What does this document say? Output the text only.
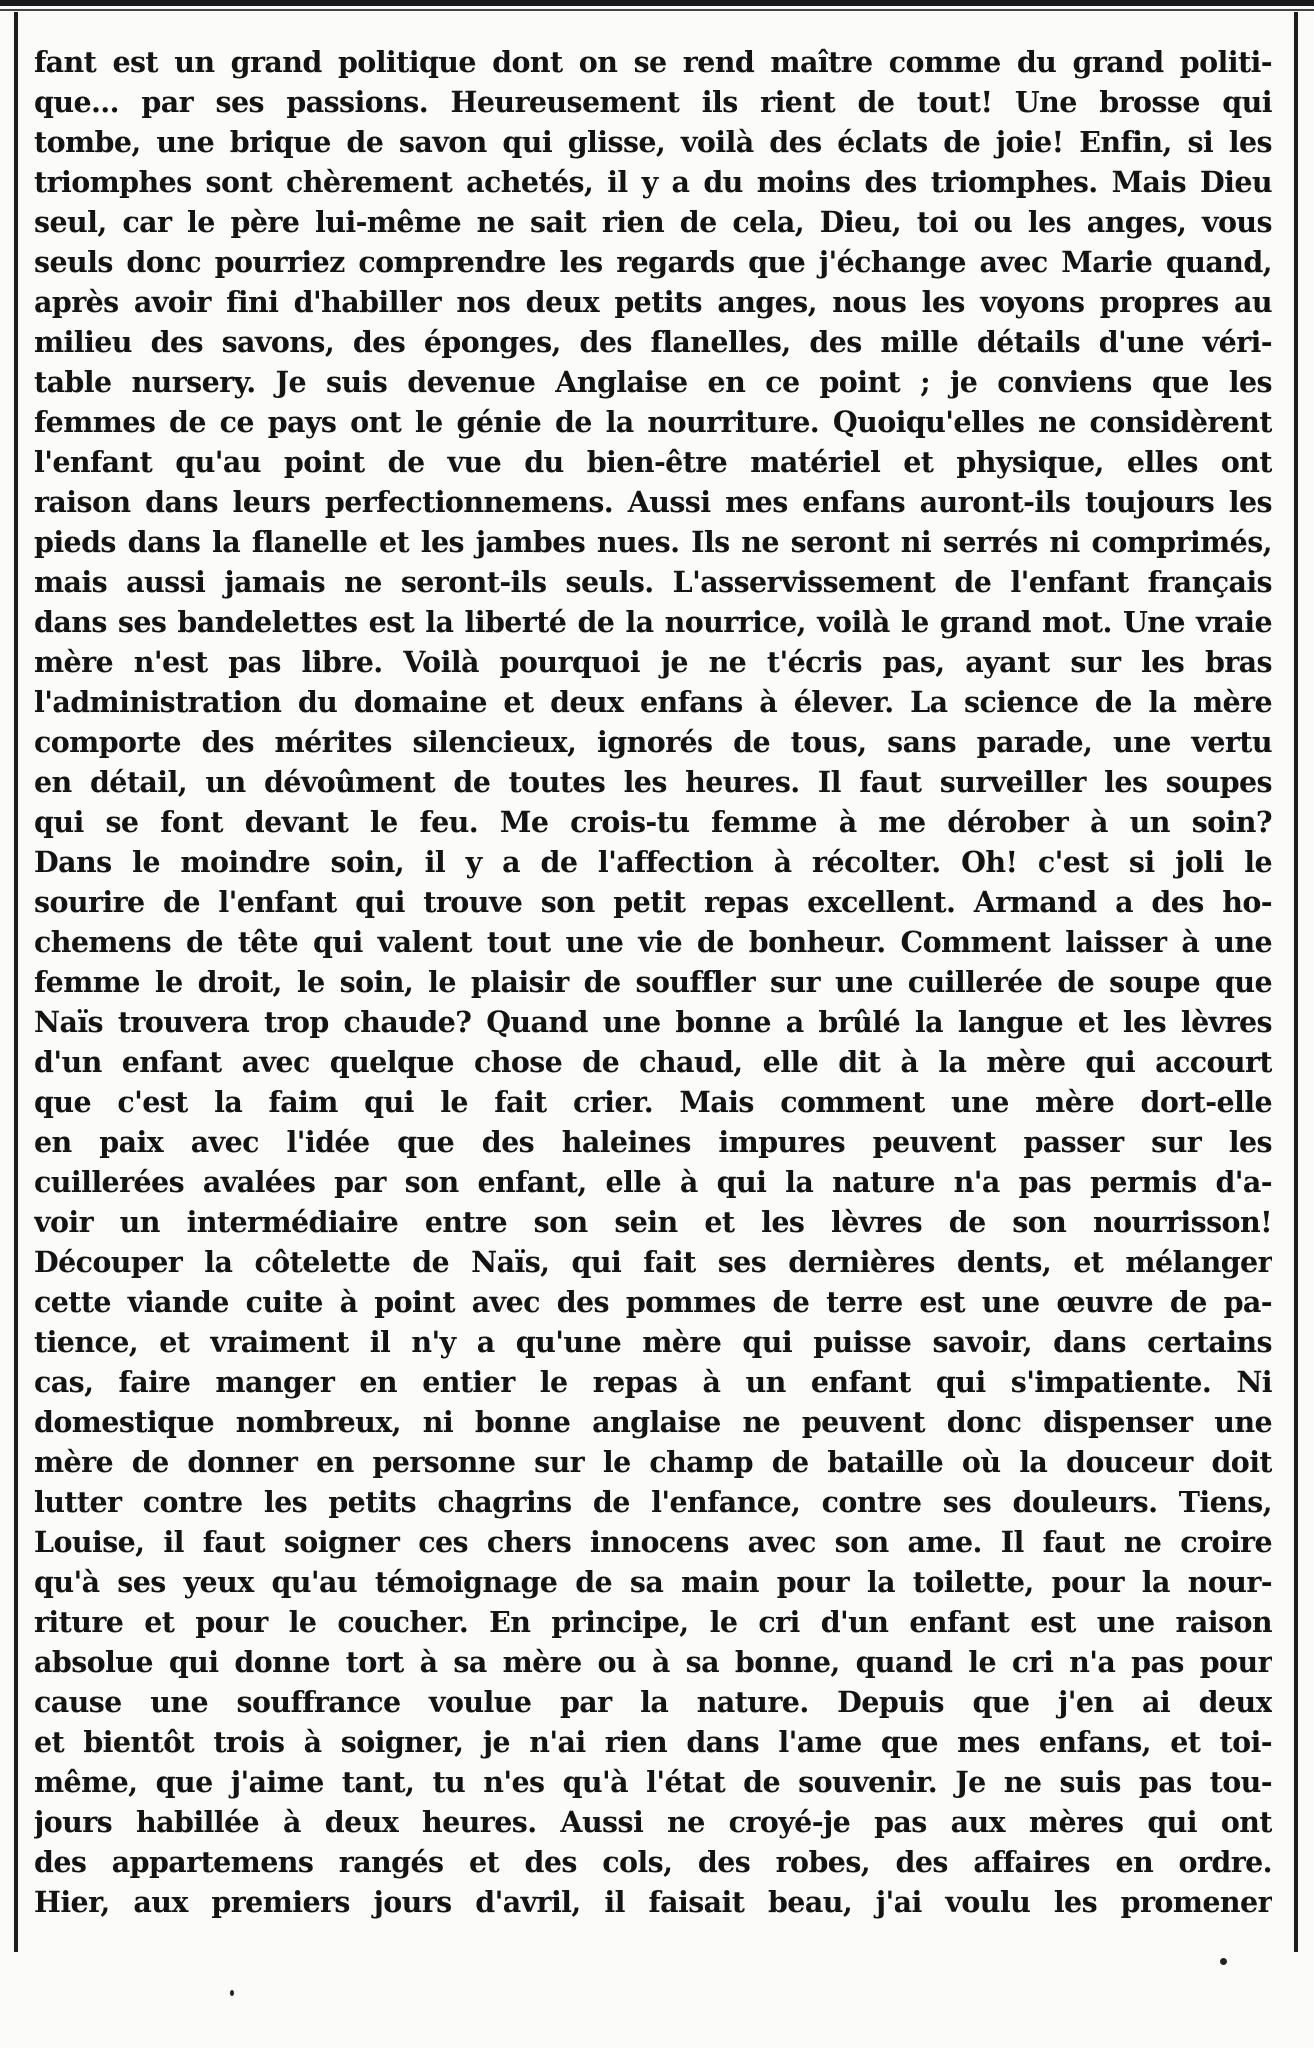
fant est un grand politique dont on se rend maître comme du grand politi-
que... par ses passions. Heureusement ils rient de tout! Une brosse qui
tombe, une brique de savon qui glisse, voilà des éclats de joie! Enfin, si les
triomphes sont chèrement achetés, il y a du moins des triomphes. Mais Dieu
seul, car le père lui-même ne sait rien de cela, Dieu, toi ou les anges, vous
seuls donc pourriez comprendre les regards que j'échange avec Marie quand,
après avoir fini d'habiller nos deux petits anges, nous les voyons propres au
milieu des savons, des éponges, des flanelles, des mille détails d'une véri-
table nursery. Je suis devenue Anglaise en ce point ; je conviens que les
femmes de ce pays ont le génie de la nourriture. Quoiqu'elles ne considèrent
l'enfant qu'au point de vue du bien-être matériel et physique, elles ont
raison dans leurs perfectionnemens. Aussi mes enfans auront-ils toujours les
pieds dans la flanelle et les jambes nues. Ils ne seront ni serrés ni comprimés,
mais aussi jamais ne seront-ils seuls. L'asservissement de l'enfant français
dans ses bandelettes est la liberté de la nourrice, voilà le grand mot. Une vraie
mère n'est pas libre. Voilà pourquoi je ne t'écris pas, ayant sur les bras
l'administration du domaine et deux enfans à élever. La science de la mère
comporte des mérites silencieux, ignorés de tous, sans parade, une vertu
en détail, un dévoûment de toutes les heures. Il faut surveiller les soupes
qui se font devant le feu. Me crois-tu femme à me dérober à un soin?
Dans le moindre soin, il y a de l'affection à récolter. Oh! c'est si joli le
sourire de l'enfant qui trouve son petit repas excellent. Armand a des ho-
chemens de tête qui valent tout une vie de bonheur. Comment laisser à une
femme le droit, le soin, le plaisir de souffler sur une cuillerée de soupe que
Naïs trouvera trop chaude? Quand une bonne a brûlé la langue et les lèvres
d'un enfant avec quelque chose de chaud, elle dit à la mère qui accourt
que c'est la faim qui le fait crier. Mais comment une mère dort-elle
en paix avec l'idée que des haleines impures peuvent passer sur les
cuillerées avalées par son enfant, elle à qui la nature n'a pas permis d'a-
voir un intermédiaire entre son sein et les lèvres de son nourrisson!
Découper la côtelette de Naïs, qui fait ses dernières dents, et mélanger
cette viande cuite à point avec des pommes de terre est une œuvre de pa-
tience, et vraiment il n'y a qu'une mère qui puisse savoir, dans certains
cas, faire manger en entier le repas à un enfant qui s'impatiente. Ni
domestique nombreux, ni bonne anglaise ne peuvent donc dispenser une
mère de donner en personne sur le champ de bataille où la douceur doit
lutter contre les petits chagrins de l'enfance, contre ses douleurs. Tiens,
Louise, il faut soigner ces chers innocens avec son ame. Il faut ne croire
qu'à ses yeux qu'au témoignage de sa main pour la toilette, pour la nour-
riture et pour le coucher. En principe, le cri d'un enfant est une raison
absolue qui donne tort à sa mère ou à sa bonne, quand le cri n'a pas pour
cause une souffrance voulue par la nature. Depuis que j'en ai deux
et bientôt trois à soigner, je n'ai rien dans l'ame que mes enfans, et toi-
même, que j'aime tant, tu n'es qu'à l'état de souvenir. Je ne suis pas tou-
jours habillée à deux heures. Aussi ne croyé-je pas aux mères qui ont
des appartemens rangés et des cols, des robes, des affaires en ordre.
Hier, aux premiers jours d'avril, il faisait beau, j'ai voulu les promener
